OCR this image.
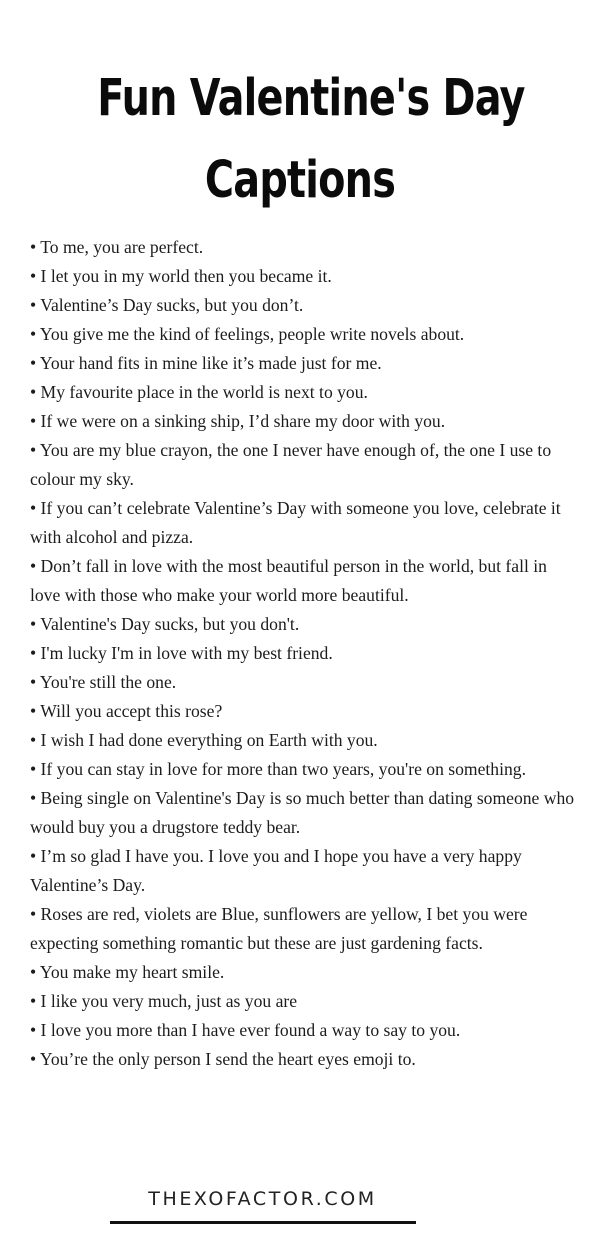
Fun Valentine's Day
Captions
• To me, you are perfect.
• I let you in my world then you became it.
• Valentine’s Day sucks, but you don’t.
• You give me the kind of feelings, people write novels about.
• Your hand fits in mine like it’s made just for me.
• My favourite place in the world is next to you.
• If we were on a sinking ship, I’d share my door with you.
• You are my blue crayon, the one I never have enough of, the one I use to colour my sky.
• If you can’t celebrate Valentine’s Day with someone you love, celebrate it with alcohol and pizza.
• Don’t fall in love with the most beautiful person in the world, but fall in love with those who make your world more beautiful.
• Valentine's Day sucks, but you don't.
• I'm lucky I'm in love with my best friend.
• You're still the one.
• Will you accept this rose?
• I wish I had done everything on Earth with you.
• If you can stay in love for more than two years, you're on something.
• Being single on Valentine's Day is so much better than dating someone who would buy you a drugstore teddy bear.
• I’m so glad I have you. I love you and I hope you have a very happy Valentine’s Day.
• Roses are red, violets are Blue, sunflowers are yellow, I bet you were expecting something romantic but these are just gardening facts.
• You make my heart smile.
• I like you very much, just as you are
• I love you more than I have ever found a way to say to you.
• You’re the only person I send the heart eyes emoji to.
THEXOFACTOR.COM
